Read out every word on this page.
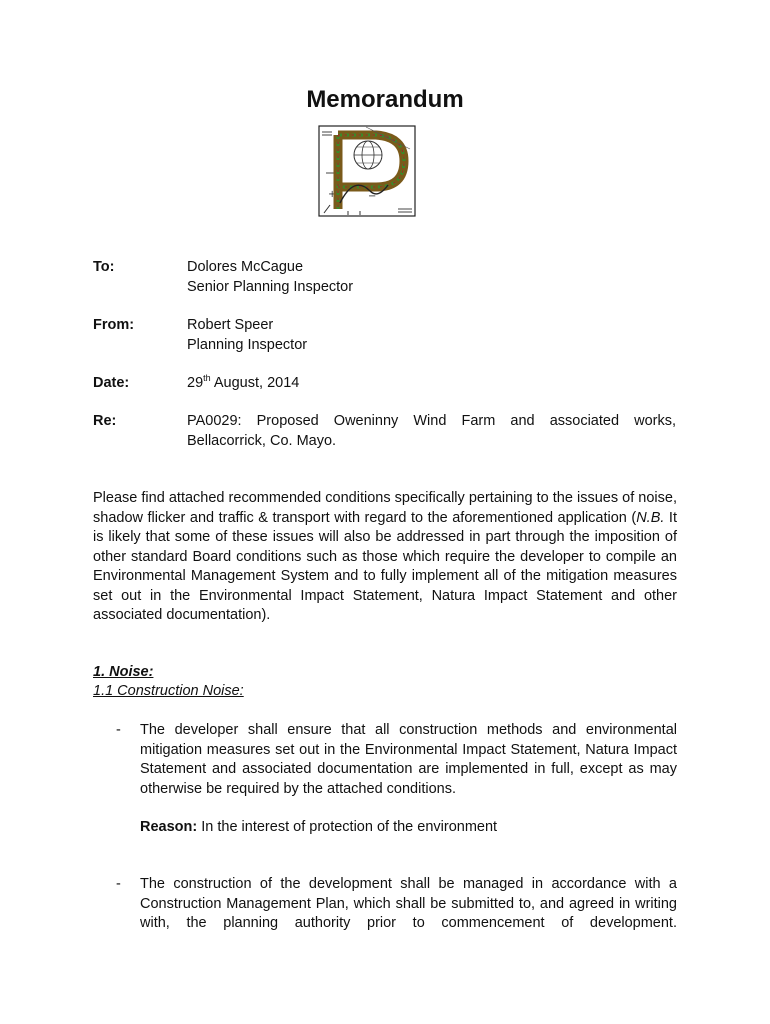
Memorandum
+	−
To:	Dolores McCague
Senior Planning Inspector
From:	Robert Speer
Planning Inspector
Date:	29th August, 2014
Re:	PA0029: Proposed Oweninny Wind Farm and associated works, Bellacorrick, Co. Mayo.

Please find attached recommended conditions specifically pertaining to the issues of noise, shadow flicker and traffic & transport with regard to the aforementioned application (N.B. It is likely that some of these issues will also be addressed in part through the imposition of other standard Board conditions such as those which require the developer to compile an Environmental Management System and to fully implement all of the mitigation measures set out in the Environmental Impact Statement, Natura Impact Statement and other associated documentation).

1. Noise:
1.1 Construction Noise:
- The developer shall ensure that all construction methods and environmental mitigation measures set out in the Environmental Impact Statement, Natura Impact Statement and associated documentation are implemented in full, except as may otherwise be required by the attached conditions.

Reason: In the interest of protection of the environment

- The construction of the development shall be managed in accordance with a Construction Management Plan, which shall be submitted to, and agreed in writing with, the planning authority prior to commencement of development.
